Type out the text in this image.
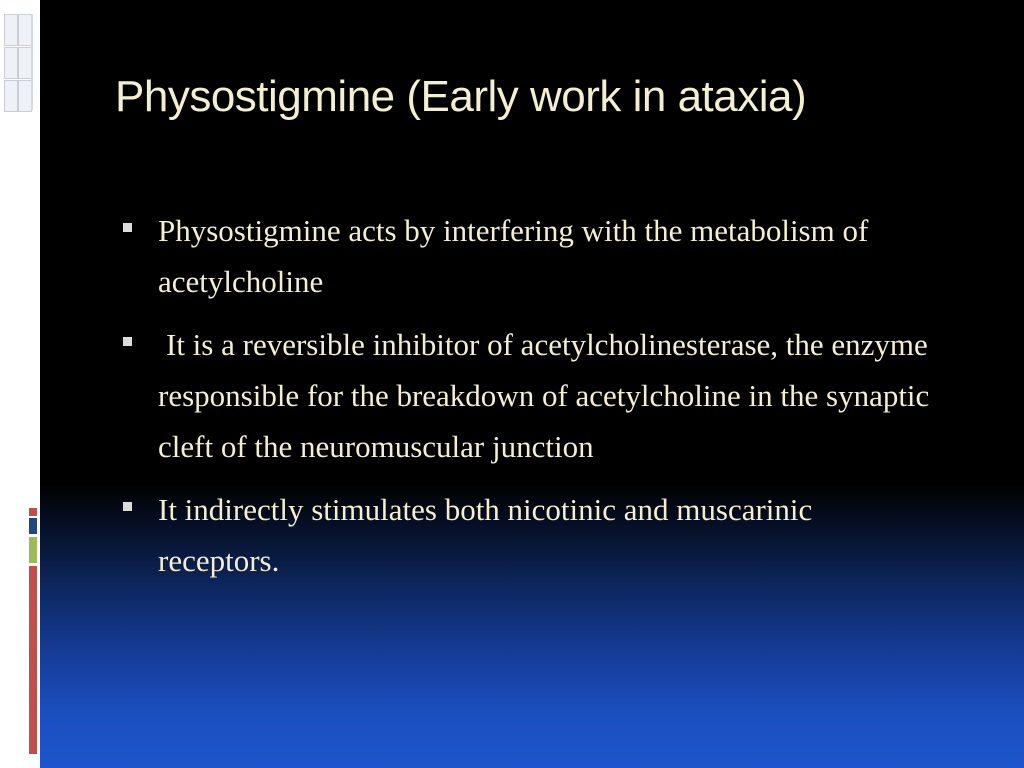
Physostigmine (Early work in ataxia)
Physostigmine acts by interfering with the metabolism of acetylcholine
It is a reversible inhibitor of acetylcholinesterase, the enzyme responsible for the breakdown of acetylcholine in the synaptic cleft of the neuromuscular junction
It indirectly stimulates both nicotinic and muscarinic receptors.
